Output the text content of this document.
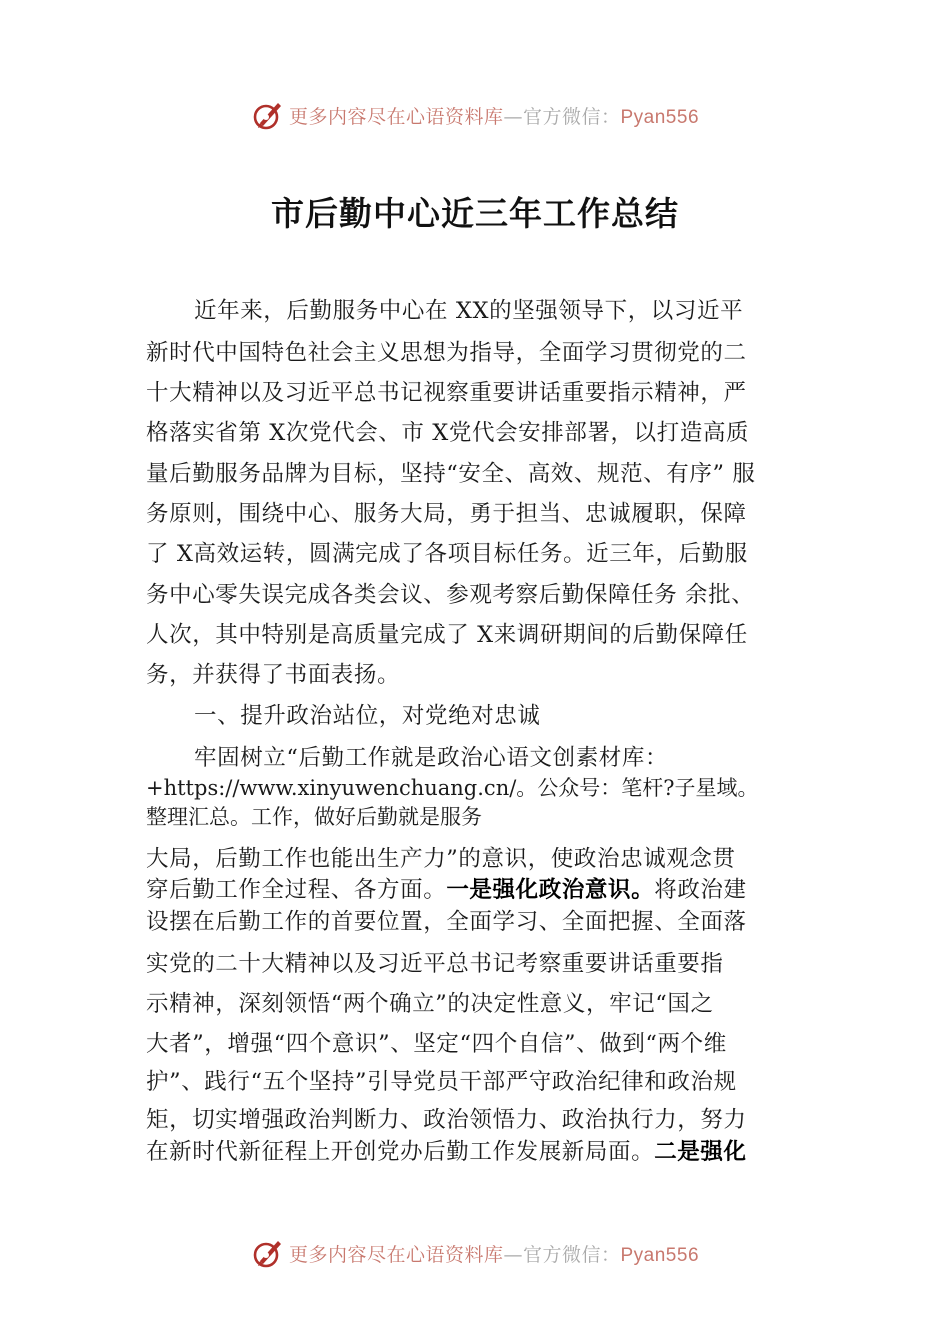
更多内容尽在心语资料库—官方微信：Pyan556
市后勤中心近三年工作总结
近年来，后勤服务中心在 XX的坚强领导下，以习近平
新时代中国特色社会主义思想为指导，全面学习贯彻党的二
十大精神以及习近平总书记视察重要讲话重要指示精神，严
格落实省第 X次党代会、市 X党代会安排部署，以打造高质
量后勤服务品牌为目标，坚持“安全、高效、规范、有序” 服
务原则，围绕中心、服务大局，勇于担当、忠诚履职，保障
了 X高效运转，圆满完成了各项目标任务。近三年，后勤服
务中心零失误完成各类会议、参观考察后勤保障任务 余批、
人次，其中特别是高质量完成了 X来调研期间的后勤保障任
务，并获得了书面表扬。
一、提升政治站位，对党绝对忠诚
牢固树立“后勤工作就是政治心语文创素材库：
+https://www.xinyuwenchuang.cn/。公众号：笔杆?子星域。
整理汇总。工作，做好后勤就是服务
大局，后勤工作也能出生产力”的意识，使政治忠诚观念贯
穿后勤工作全过程、各方面。一是强化政治意识。将政治建
设摆在后勤工作的首要位置，全面学习、全面把握、全面落
实党的二十大精神以及习近平总书记考察重要讲话重要指
示精神，深刻领悟“两个确立”的决定性意义，牢记“国之
大者”，增强“四个意识”、坚定“四个自信”、做到“两个维
护”、践行“五个坚持”引导党员干部严守政治纪律和政治规
矩，切实增强政治判断力、政治领悟力、政治执行力，努力
在新时代新征程上开创党办后勤工作发展新局面。二是强化
更多内容尽在心语资料库—官方微信：Pyan556
